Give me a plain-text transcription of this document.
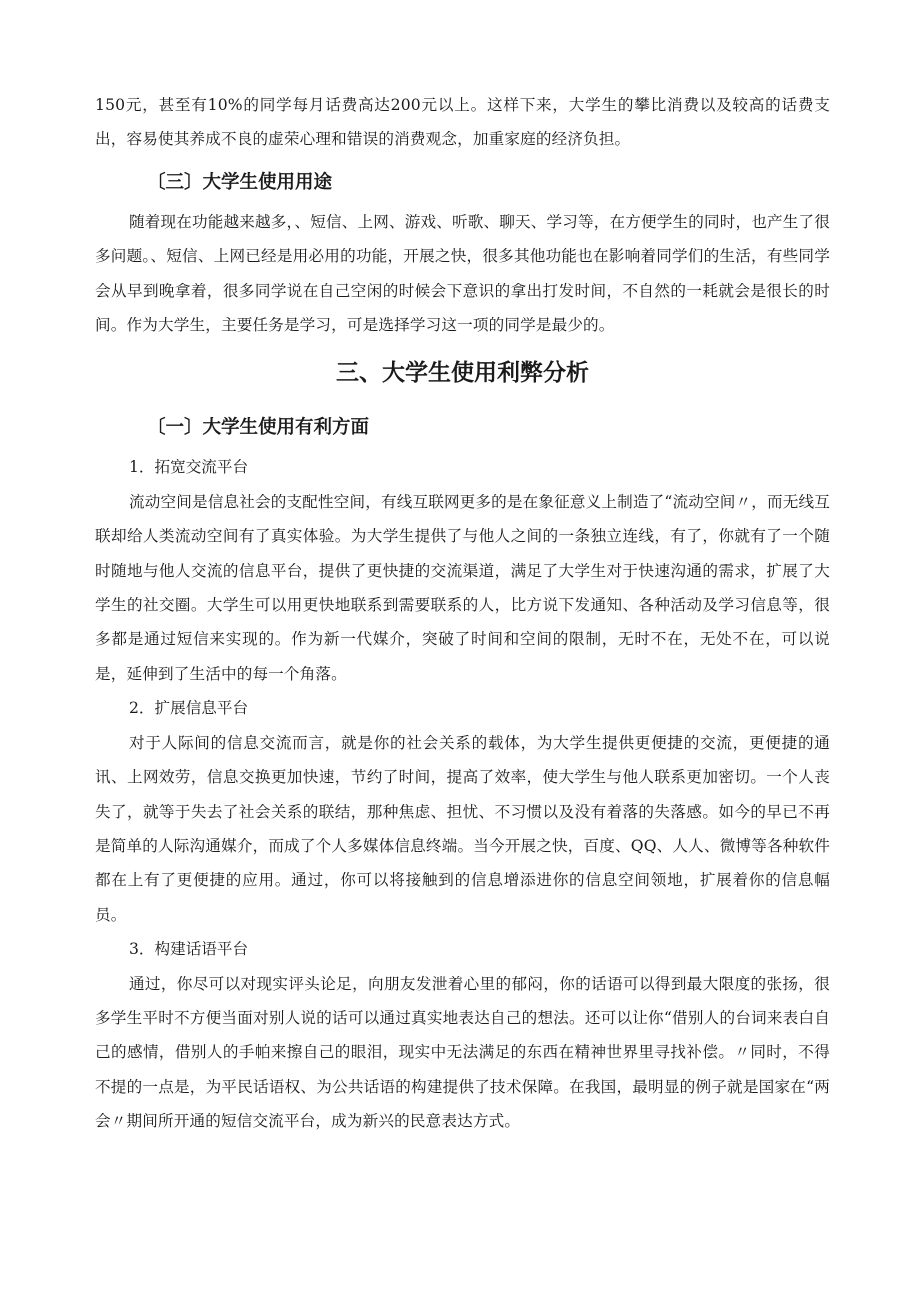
150元，甚至有10%的同学每月话费高达200元以上。这样下来，大学生的攀比消费以及较高的话费支出，容易使其养成不良的虚荣心理和错误的消费观念，加重家庭的经济负担。

〔三〕大学生使用用途

随着现在功能越来越多，、短信、上网、游戏、听歌、聊天、学习等，在方便学生的同时，也产生了很多问题。、短信、上网已经是用必用的功能，开展之快，很多其他功能也在影响着同学们的生活，有些同学会从早到晚拿着，很多同学说在自己空闲的时候会下意识的拿出打发时间，不自然的一耗就会是很长的时间。作为大学生，主要任务是学习，可是选择学习这一项的同学是最少的。

三、大学生使用利弊分析
〔一〕大学生使用有利方面

1．拓宽交流平台

流动空间是信息社会的支配性空间，有线互联网更多的是在象征意义上制造了“流动空间〃，而无线互联却给人类流动空间有了真实体验。为大学生提供了与他人之间的一条独立连线，有了，你就有了一个随时随地与他人交流的信息平台，提供了更快捷的交流渠道，满足了大学生对于快速沟通的需求，扩展了大学生的社交圈。大学生可以用更快地联系到需要联系的人，比方说下发通知、各种活动及学习信息等，很多都是通过短信来实现的。作为新一代媒介，突破了时间和空间的限制，无时不在，无处不在，可以说是，延伸到了生活中的每一个角落。

2．扩展信息平台

对于人际间的信息交流而言，就是你的社会关系的载体，为大学生提供更便捷的交流，更便捷的通讯、上网效劳，信息交换更加快速，节约了时间，提高了效率，使大学生与他人联系更加密切。一个人丧失了，就等于失去了社会关系的联结，那种焦虑、担忧、不习惯以及没有着落的失落感。如今的早已不再是简单的人际沟通媒介，而成了个人多媒体信息终端。当今开展之快，百度、QQ、人人、微博等各种软件都在上有了更便捷的应用。通过，你可以将接触到的信息增添进你的信息空间领地，扩展着你的信息幅员。

3．构建话语平台

通过，你尽可以对现实评头论足，向朋友发泄着心里的郁闷，你的话语可以得到最大限度的张扬，很多学生平时不方便当面对别人说的话可以通过真实地表达自己的想法。还可以让你“借别人的台词来表白自己的感情，借别人的手帕来擦自己的眼泪，现实中无法满足的东西在精神世界里寻找补偿。〃同时，不得不提的一点是，为平民话语权、为公共话语的构建提供了技术保障。在我国，最明显的例子就是国家在“两会〃期间所开通的短信交流平台，成为新兴的民意表达方式。
